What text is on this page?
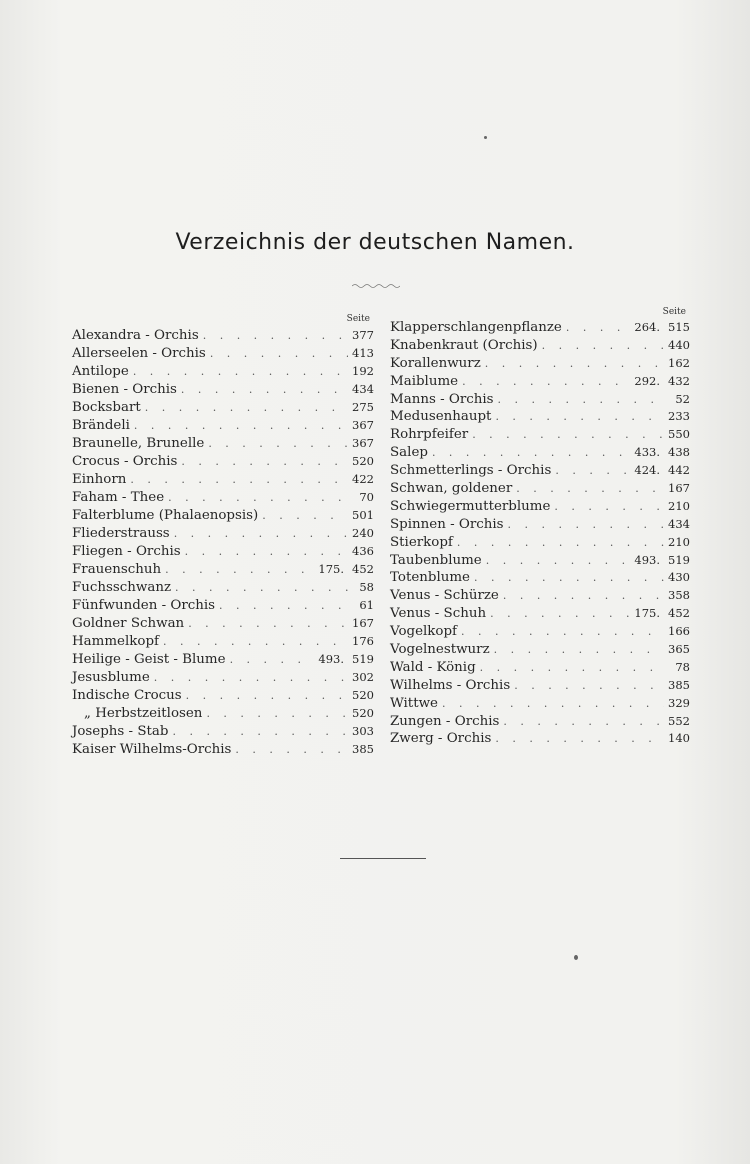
Verzeichnis der deutschen Namen.
Seite
Alexandra - Orchis . . .	377
Allerseelen - Orchis . . .	413
Antilope . . .	192
Bienen - Orchis . . .	434
Bocksbart . . .	275
Brändeli . . .	367
Braunelle, Brunelle . . .	367
Crocus - Orchis . . .	520
Einhorn . . .	422
Faham - Thee . . .	70
Falterblume (Phalaenopsis) . . .	501
Fliederstrauss . . .	240
Fliegen - Orchis . . .	436
Frauenschuh . . .	175. 452
Fuchsschwanz . . .	58
Fünfwunden - Orchis . . .	61
Goldner Schwan . . .	167
Hammelkopf . . .	176
Heilige - Geist - Blume . . .	493. 519
Jesusblume . . .	302
Indische Crocus . . .	520
„ Herbstzeitlosen . . .	520
Josephs - Stab . . .	303
Kaiser Wilhelms-Orchis . . .	385
Seite
Klapperschlangenpflanze . . .	264. 515
Knabenkraut (Orchis) . . .	440
Korallenwurz . . .	162
Maiblume . . .	292. 432
Manns - Orchis . . .	52
Medusenhaupt . . .	233
Rohrpfeifer . . .	550
Salep . . .	433. 438
Schmetterlings - Orchis . . .	424. 442
Schwan, goldener . . .	167
Schwiegermutterblume . . .	210
Spinnen - Orchis . . .	434
Stierkopf . . .	210
Taubenblume . . .	493. 519
Totenblume . . .	430
Venus - Schürze . . .	358
Venus - Schuh . . .	175. 452
Vogelkopf . . .	166
Vogelnestwurz . . .	365
Wald - König . . .	78
Wilhelms - Orchis . . .	385
Wittwe . . .	329
Zungen - Orchis . . .	552
Zwerg - Orchis . . .	140
